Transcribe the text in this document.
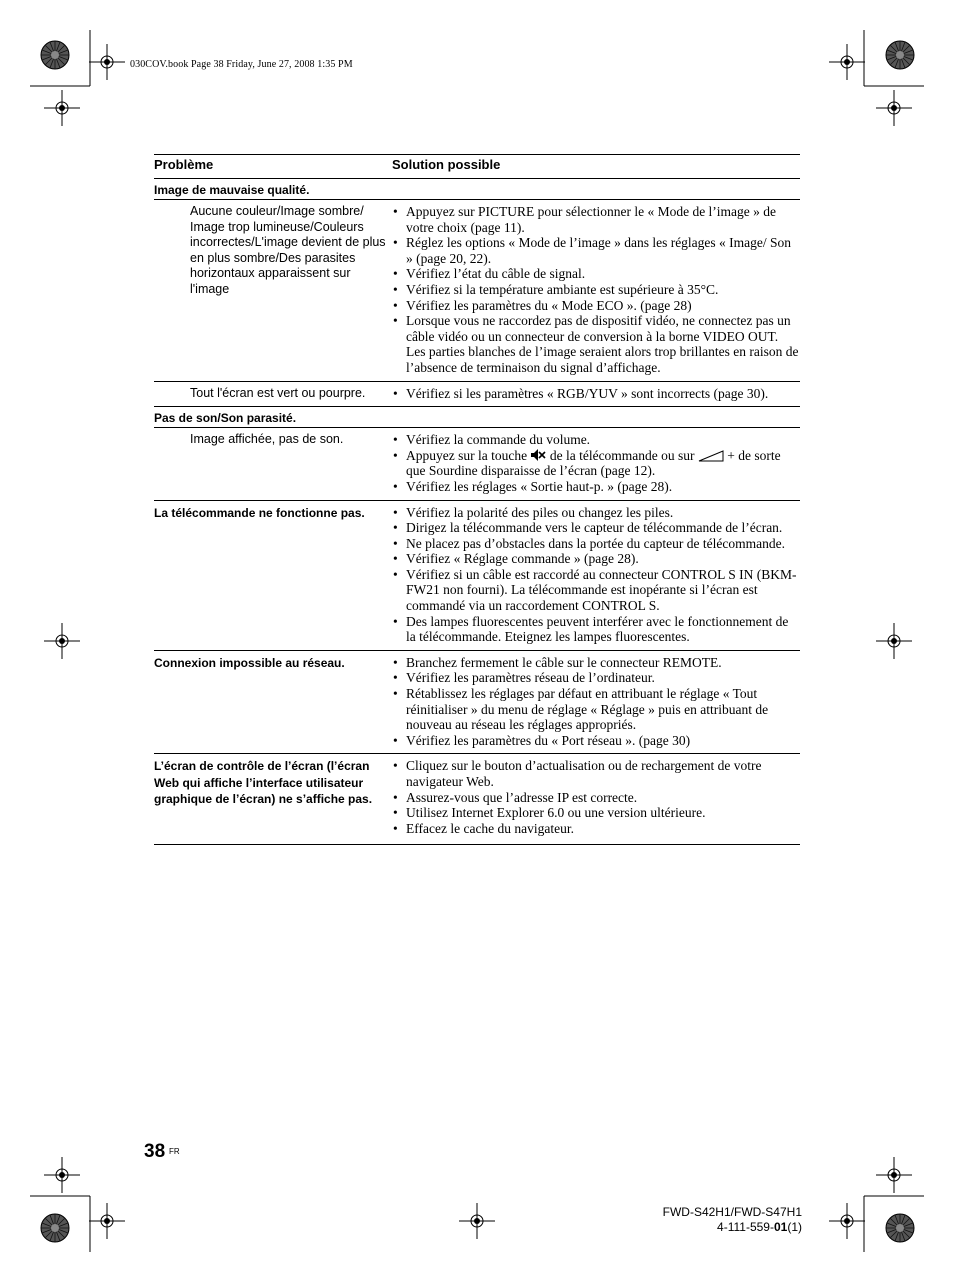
030COV.book Page 38 Friday, June 27, 2008 1:35 PM
Problème	Solution possible
Image de mauvaise qualité.
Aucune couleur/Image sombre/ Image trop lumineuse/Couleurs incorrectes/L'image devient de plus en plus sombre/Des parasites horizontaux apparaissent sur l'image
• Appuyez sur PICTURE pour sélectionner le « Mode de l’image » de votre choix (page 11).
• Réglez les options « Mode de l’image » dans les réglages « Image/ Son » (page 20, 22).
• Vérifiez l’état du câble de signal.
• Vérifiez si la température ambiante est supérieure à 35°C.
• Vérifiez les paramètres du « Mode ECO ». (page 28)
• Lorsque vous ne raccordez pas de dispositif vidéo, ne connectez pas un câble vidéo ou un connecteur de conversion à la borne VIDEO OUT. Les parties blanches de l’image seraient alors trop brillantes en raison de l’absence de terminaison du signal d’affichage.
Tout l'écran est vert ou pourpre.	• Vérifiez si les paramètres « RGB/YUV » sont incorrects (page 30).
Pas de son/Son parasité.
Image affichée, pas de son.	• Vérifiez la commande du volume.
• Appuyez sur la touche de la télécommande ou sur + de sorte que Sourdine disparaisse de l’écran (page 12).
• Vérifiez les réglages « Sortie haut-p. » (page 28).
La télécommande ne fonctionne pas.	• Vérifiez la polarité des piles ou changez les piles.
• Dirigez la télécommande vers le capteur de télécommande de l’écran.
• Ne placez pas d’obstacles dans la portée du capteur de télécommande.
• Vérifiez « Réglage commande » (page 28).
• Vérifiez si un câble est raccordé au connecteur CONTROL S IN (BKM-FW21 non fourni). La télécommande est inopérante si l’écran est commandé via un raccordement CONTROL S.
• Des lampes fluorescentes peuvent interférer avec le fonctionnement de la télécommande. Eteignez les lampes fluorescentes.
Connexion impossible au réseau.	• Branchez fermement le câble sur le connecteur REMOTE.
• Vérifiez les paramètres réseau de l’ordinateur.
• Rétablissez les réglages par défaut en attribuant le réglage « Tout réinitialiser » du menu de réglage « Réglage » puis en attribuant de nouveau au réseau les réglages appropriés.
• Vérifiez les paramètres du « Port réseau ». (page 30)
L’écran de contrôle de l’écran (l’écran Web qui affiche l’interface utilisateur graphique de l’écran) ne s’affiche pas.
• Cliquez sur le bouton d’actualisation ou de rechargement de votre navigateur Web.
• Assurez-vous que l’adresse IP est correcte.
• Utilisez Internet Explorer 6.0 ou une version ultérieure.
• Effacez le cache du navigateur.
38 FR
FWD-S42H1/FWD-S47H1
4-111-559-01(1)
